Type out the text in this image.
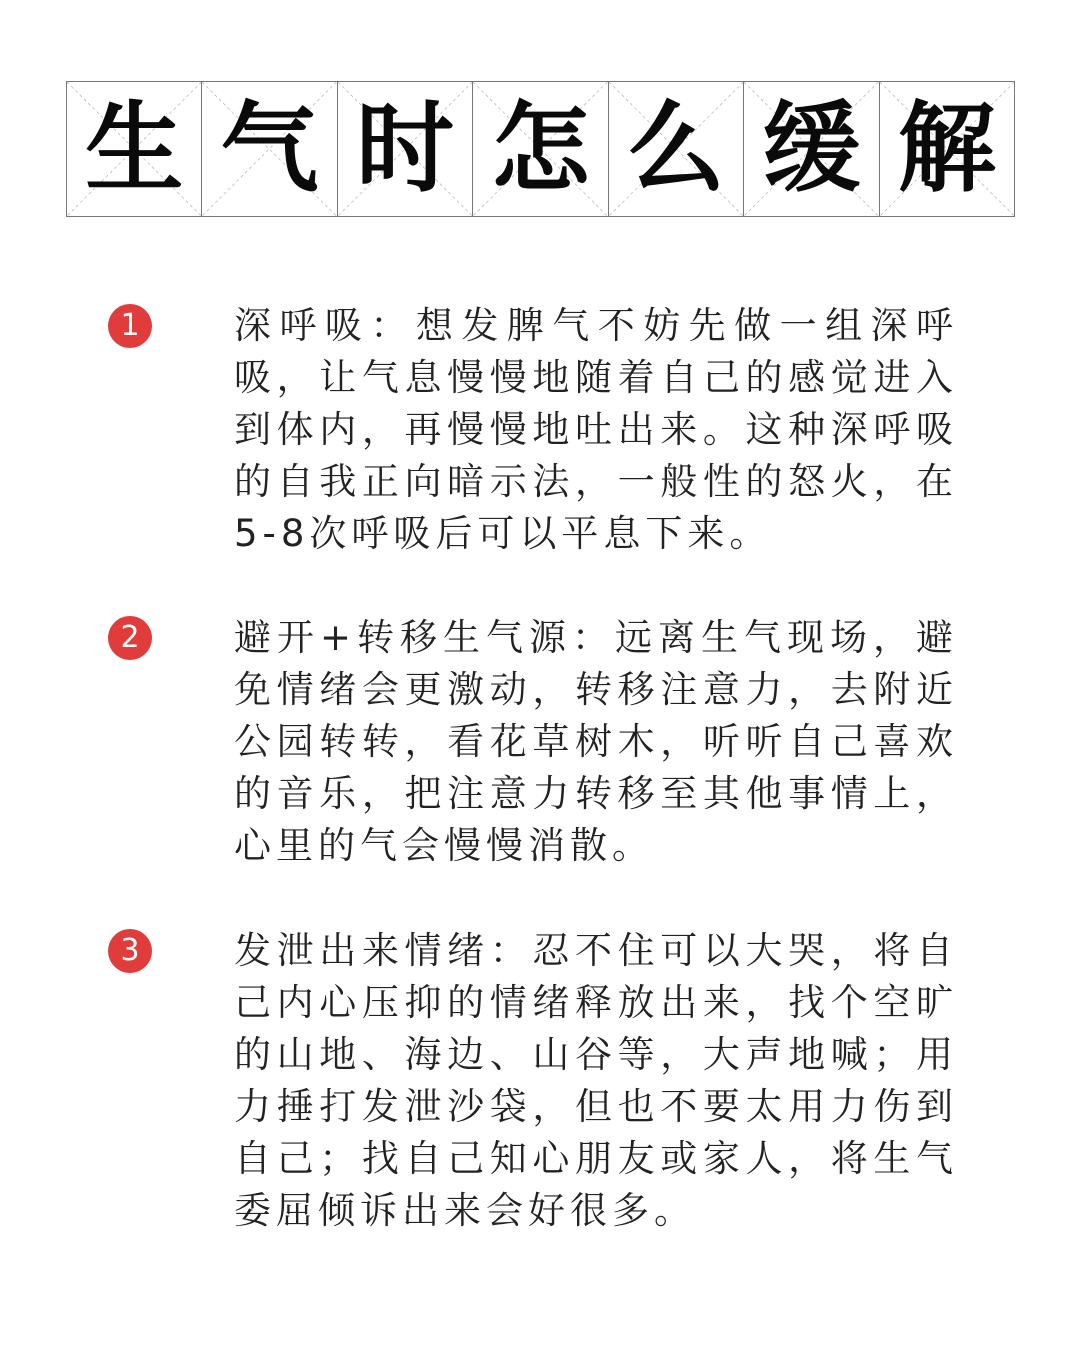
生 气 时 怎 么 缓 解
1	深呼吸：想发脾气不妨先做一组深呼吸，让气息慢慢地随着自己的感觉进入到体内，再慢慢地吐出来。这种深呼吸的自我正向暗示法，一般性的怒火，在5-8次呼吸后可以平息下来。

2	避开+转移生气源：远离生气现场，避免情绪会更激动，转移注意力，去附近公园转转，看花草树木，听听自己喜欢的音乐，把注意力转移至其他事情上，心里的气会慢慢消散。

3	发泄出来情绪：忍不住可以大哭，将自己内心压抑的情绪释放出来，找个空旷的山地、海边、山谷等，大声地喊；用力捶打发泄沙袋，但也不要太用力伤到自己；找自己知心朋友或家人，将生气委屈倾诉出来会好很多。
